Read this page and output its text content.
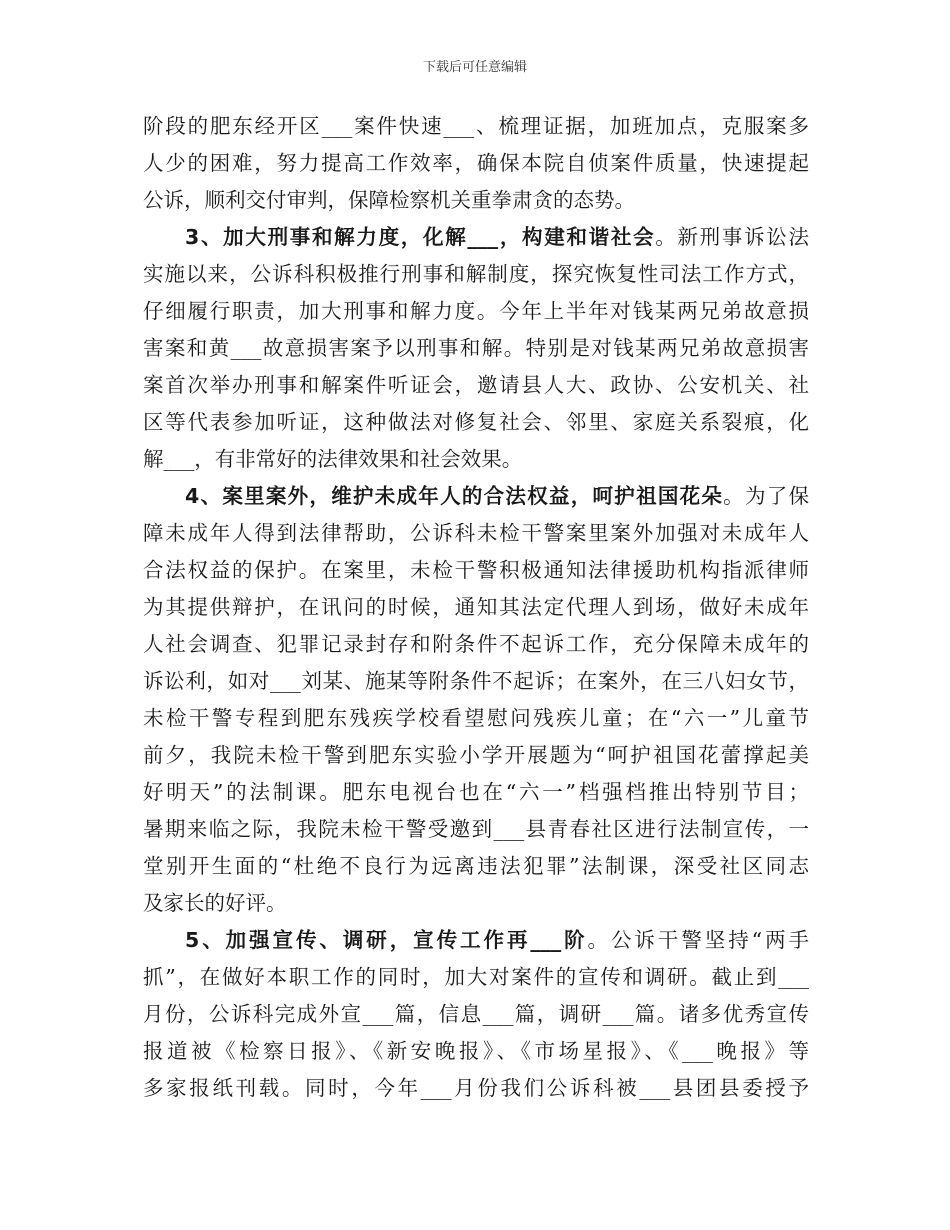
下载后可任意编辑
阶段的肥东经开区___案件快速___、梳理证据，加班加点，克服案多
人少的困难，努力提高工作效率，确保本院自侦案件质量，快速提起
公诉，顺利交付审判，保障检察机关重拳肃贪的态势。
3、加大刑事和解力度，化解___，构建和谐社会。新刑事诉讼法
实施以来，公诉科积极推行刑事和解制度，探究恢复性司法工作方式，
仔细履行职责，加大刑事和解力度。今年上半年对钱某两兄弟故意损
害案和黄___故意损害案予以刑事和解。特别是对钱某两兄弟故意损害
案首次举办刑事和解案件听证会，邀请县人大、政协、公安机关、社
区等代表参加听证，这种做法对修复社会、邻里、家庭关系裂痕，化
解___，有非常好的法律效果和社会效果。
4、案里案外，维护未成年人的合法权益，呵护祖国花朵。为了保
障未成年人得到法律帮助，公诉科未检干警案里案外加强对未成年人
合法权益的保护。在案里，未检干警积极通知法律援助机构指派律师
为其提供辩护，在讯问的时候，通知其法定代理人到场，做好未成年
人社会调查、犯罪记录封存和附条件不起诉工作，充分保障未成年的
诉讼利，如对___刘某、施某等附条件不起诉；在案外，在三八妇女节，
未检干警专程到肥东残疾学校看望慰问残疾儿童；在“六一”儿童节
前夕，我院未检干警到肥东实验小学开展题为“呵护祖国花蕾撑起美
好明天”的法制课。肥东电视台也在“六一”档强档推出特别节目；
暑期来临之际，我院未检干警受邀到___县青春社区进行法制宣传，一
堂别开生面的“杜绝不良行为远离违法犯罪”法制课，深受社区同志
及家长的好评。
5、加强宣传、调研，宣传工作再___阶。公诉干警坚持“两手
抓”，在做好本职工作的同时，加大对案件的宣传和调研。截止到___
月份，公诉科完成外宣___篇，信息___篇，调研___篇。诸多优秀宣传
报道被《检察日报》、《新安晚报》、《市场星报》、《___晚报》等
多家报纸刊载。同时，今年___月份我们公诉科被___县团县委授予
